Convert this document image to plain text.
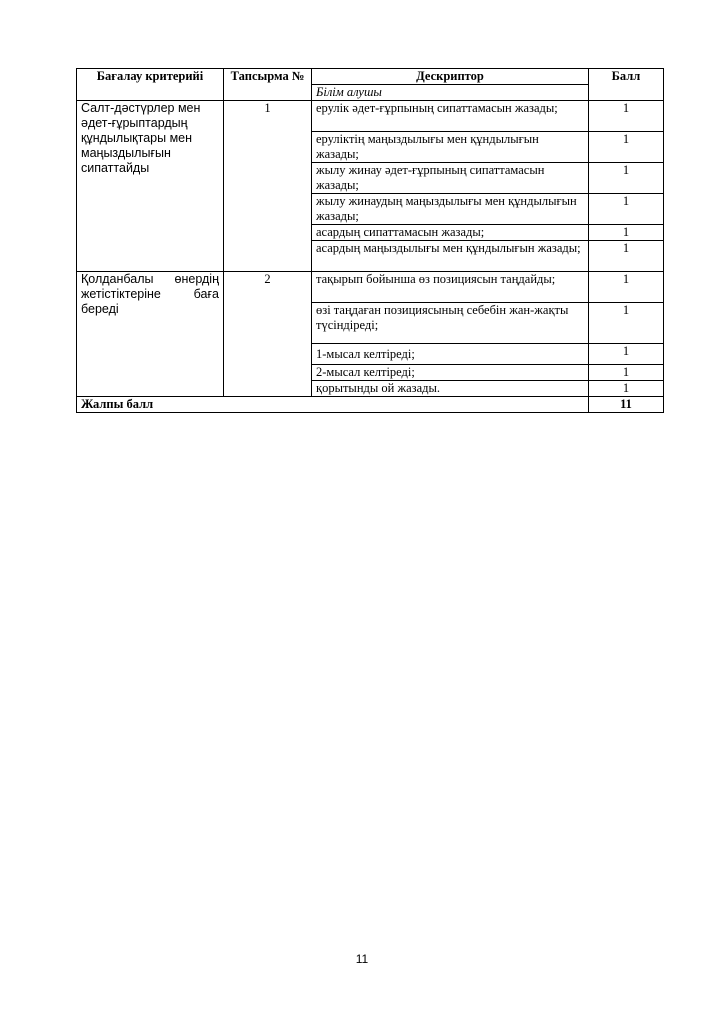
Бағалау критерийі	Тапсырма №	Дескриптор	Балл
		Білім алушы	
Салт-дәстүрлер мен әдет-ғұрыптардың құндылықтары мен маңыздылығын сипаттайды	1	ерулік әдет-ғұрпының сипаттамасын жазады;	1
		еруліктің маңыздылығы мен құндылығын жазады;	1
		жылу жинау әдет-ғұрпының сипаттамасын жазады;	1
		жылу жинаудың маңыздылығы мен құндылығын жазады;	1
		асардың сипаттамасын жазады;	1
		асардың маңыздылығы мен құндылығын жазады;	1
Қолданбалы өнердің жетістіктеріне баға береді	2	тақырып бойынша өз позициясын таңдайды;	1
		өзі таңдаған позициясының себебін жан-жақты түсіндіреді;	1
		1-мысал келтіреді;	1
		2-мысал келтіреді;	1
		қорытынды ой жазады.	1
Жалпы балл			11
11
